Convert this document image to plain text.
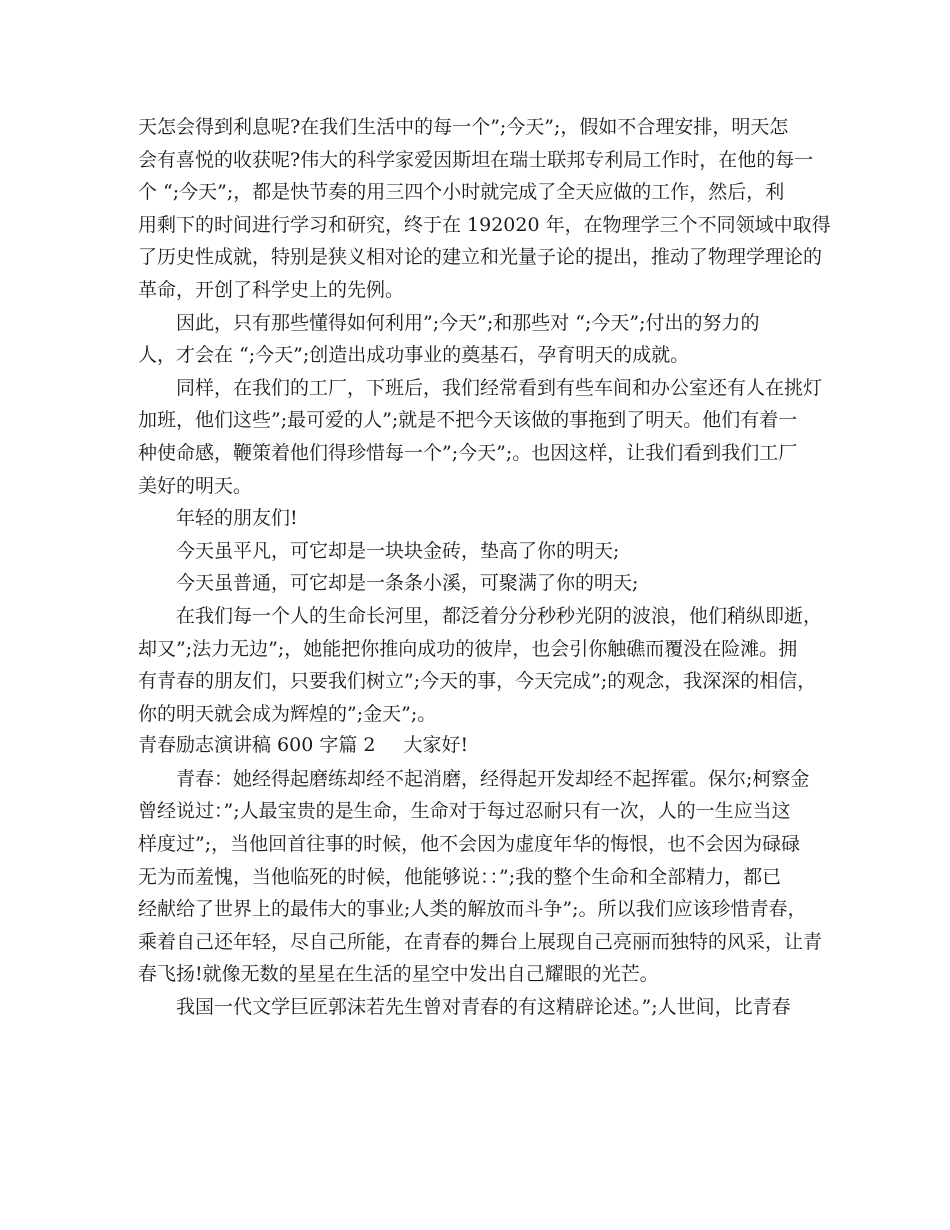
天怎会得到利息呢?在我们生活中的每一个”;今天”;，假如不合理安排，明天怎
会有喜悦的收获呢?伟大的科学家爱因斯坦在瑞士联邦专利局工作时，在他的每一
个 “;今天”;，都是快节奏的用三四个小时就完成了全天应做的工作，然后，利
用剩下的时间进行学习和研究，终于在 192020 年，在物理学三个不同领域中取得
了历史性成就，特别是狭义相对论的建立和光量子论的提出，推动了物理学理论的
革命，开创了科学史上的先例。
因此，只有那些懂得如何利用”;今天”;和那些对 “;今天”;付出的努力的
人，才会在 “;今天”;创造出成功事业的奠基石，孕育明天的成就。
同样，在我们的工厂，下班后，我们经常看到有些车间和办公室还有人在挑灯
加班，他们这些”;最可爱的人”;就是不把今天该做的事拖到了明天。他们有着一
种使命感，鞭策着他们得珍惜每一个”;今天”;。也因这样，让我们看到我们工厂
美好的明天。
年轻的朋友们!
今天虽平凡，可它却是一块块金砖，垫高了你的明天;
今天虽普通，可它却是一条条小溪，可聚满了你的明天;
在我们每一个人的生命长河里，都泛着分分秒秒光阴的波浪，他们稍纵即逝，
却又”;法力无边”;，她能把你推向成功的彼岸，也会引你触礁而覆没在险滩。拥
有青春的朋友们，只要我们树立”;今天的事，今天完成”;的观念，我深深的相信，
你的明天就会成为辉煌的”;金天”;。
青春励志演讲稿 600 字篇 2 大家好!
青春：她经得起磨练却经不起消磨，经得起开发却经不起挥霍。保尔;柯察金
曾经说过：”;人最宝贵的是生命，生命对于每过忍耐只有一次，人的一生应当这
样度过”;，当他回首往事的时候，他不会因为虚度年华的悔恨，也不会因为碌碌
无为而羞愧，当他临死的时候，他能够说：：”;我的整个生命和全部精力，都已
经献给了世界上的最伟大的事业;人类的解放而斗争”;。所以我们应该珍惜青春，
乘着自己还年轻，尽自己所能，在青春的舞台上展现自己亮丽而独特的风采，让青
春飞扬!就像无数的星星在生活的星空中发出自己耀眼的光芒。
我国一代文学巨匠郭沫若先生曾对青春的有这精辟论述。”;人世间，比青春
